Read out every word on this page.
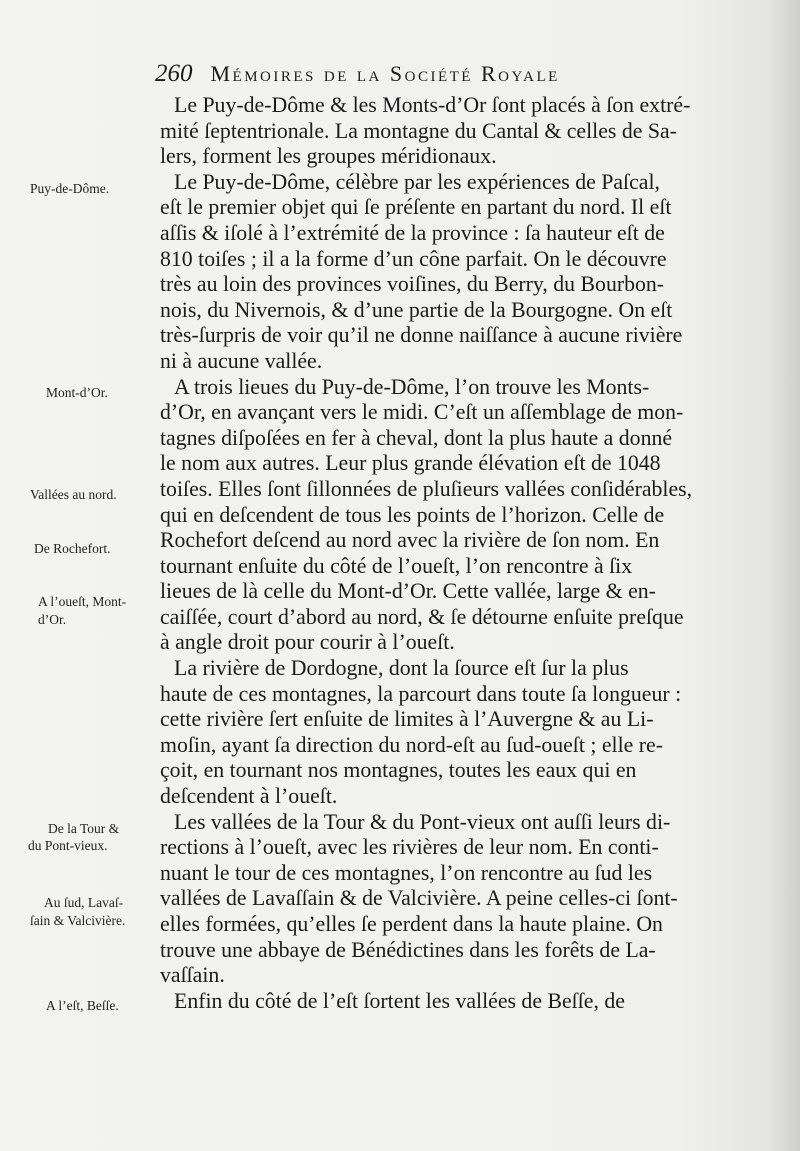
260 Mémoires de la Société Royale
Le Puy-de-Dôme & les Monts-d’Or ſont placés à ſon extré-
mité ſeptentrionale. La montagne du Cantal & celles de Sa-
lers, forment les groupes méridionaux.
Le Puy-de-Dôme, célèbre par les expériences de Paſcal,
eſt le premier objet qui ſe préſente en partant du nord. Il eſt
aſſis & iſolé à l’extrémité de la province : ſa hauteur eſt de
810 toiſes ; il a la forme d’un cône parfait. On le découvre
très au loin des provinces voiſines, du Berry, du Bourbon-
nois, du Nivernois, & d’une partie de la Bourgogne. On eſt
très-ſurpris de voir qu’il ne donne naiſſance à aucune rivière
ni à aucune vallée.
A trois lieues du Puy-de-Dôme, l’on trouve les Monts-
d’Or, en avançant vers le midi. C’eſt un aſſemblage de mon-
tagnes diſpoſées en fer à cheval, dont la plus haute a donné
le nom aux autres. Leur plus grande élévation eſt de 1048
toiſes. Elles ſont ſillonnées de pluſieurs vallées conſidérables,
qui en deſcendent de tous les points de l’horizon. Celle de
Rochefort deſcend au nord avec la rivière de ſon nom. En
tournant enſuite du côté de l’oueſt, l’on rencontre à ſix
lieues de là celle du Mont-d’Or. Cette vallée, large & en-
caiſſée, court d’abord au nord, & ſe détourne enſuite preſque
à angle droit pour courir à l’oueſt.
La rivière de Dordogne, dont la ſource eſt ſur la plus
haute de ces montagnes, la parcourt dans toute ſa longueur :
cette rivière ſert enſuite de limites à l’Auvergne & au Li-
moſin, ayant ſa direction du nord-eſt au ſud-oueſt ; elle re-
çoit, en tournant nos montagnes, toutes les eaux qui en
deſcendent à l’oueſt.
Les vallées de la Tour & du Pont-vieux ont auſſi leurs di-
rections à l’oueſt, avec les rivières de leur nom. En conti-
nuant le tour de ces montagnes, l’on rencontre au ſud les
vallées de Lavaſſain & de Valcivière. A peine celles-ci ſont-
elles formées, qu’elles ſe perdent dans la haute plaine. On
trouve une abbaye de Bénédictines dans les forêts de La-
vaſſain.
Enfin du côté de l’eſt ſortent les vallées de Beſſe, de
Puy-de-Dôme.
Mont-d’Or.
Vallées au nord.
De Rochefort.
A l’oueſt, Mont-
d’Or.
De la Tour &
du Pont-vieux.
Au ſud, Lavaſ-
ſain & Valcivière.
A l’eſt, Beſſe.
